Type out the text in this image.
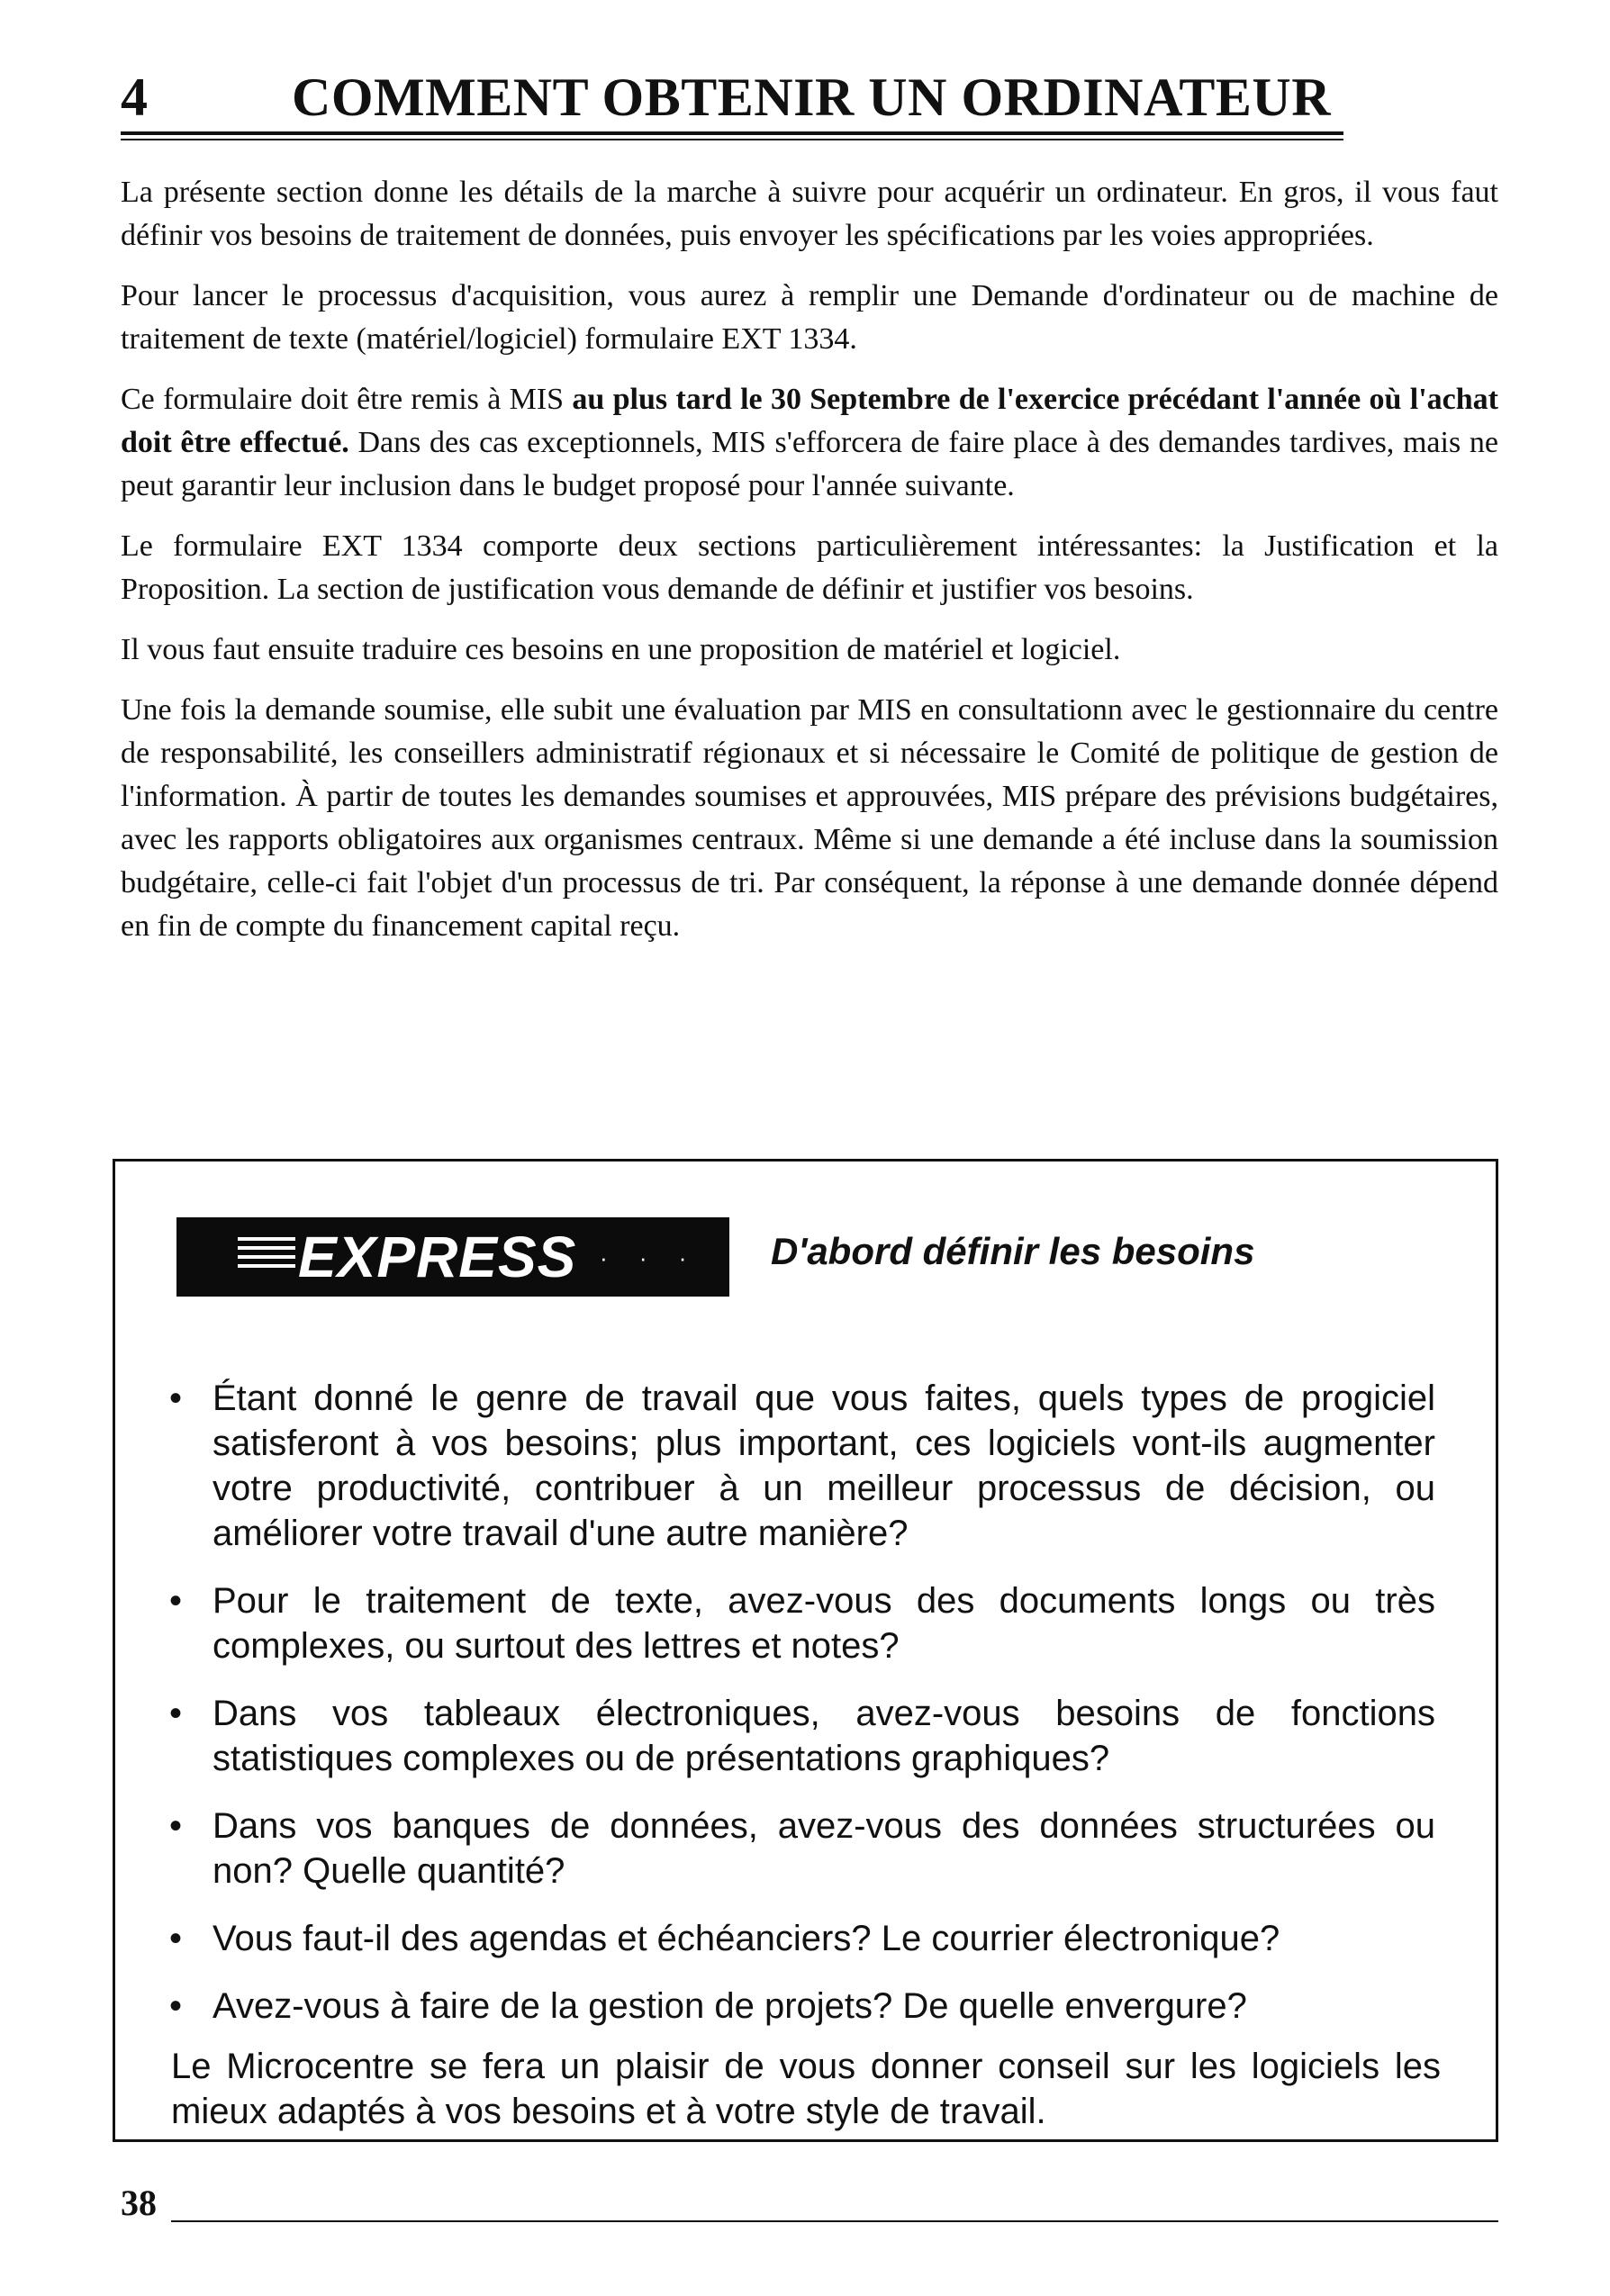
4	COMMENT OBTENIR UN ORDINATEUR

La présente section donne les détails de la marche à suivre pour acquérir un ordinateur. En gros, il vous faut définir vos besoins de traitement de données, puis envoyer les spécifications par les voies appropriées.

Pour lancer le processus d'acquisition, vous aurez à remplir une Demande d'ordinateur ou de machine de traitement de texte (matériel/logiciel) formulaire EXT 1334.

Ce formulaire doit être remis à MIS au plus tard le 30 Septembre de l'exercice précédant l'année où l'achat doit être effectué. Dans des cas exceptionnels, MIS s'efforcera de faire place à des demandes tardives, mais ne peut garantir leur inclusion dans le budget proposé pour l'année suivante.

Le formulaire EXT 1334 comporte deux sections particulièrement intéressantes: la Justification et la Proposition. La section de justification vous demande de définir et justifier vos besoins.

Il vous faut ensuite traduire ces besoins en une proposition de matériel et logiciel.

Une fois la demande soumise, elle subit une évaluation par MIS en consultationn avec le gestionnaire du centre de responsabilité, les conseillers administratif régionaux et si nécessaire le Comité de politique de gestion de l'information. À partir de toutes les demandes soumises et approuvées, MIS prépare des prévisions budgétaires, avec les rapports obligatoires aux organismes centraux. Même si une demande a été incluse dans la soumission budgétaire, celle-ci fait l'objet d'un processus de tri. Par conséquent, la réponse à une demande donnée dépend en fin de compte du financement capital reçu.

EXPRESS · · · D'abord définir les besoins
• Étant donné le genre de travail que vous faites, quels types de progiciel satisferont à vos besoins; plus important, ces logiciels vont-ils augmenter votre productivité, contribuer à un meilleur processus de décision, ou améliorer votre travail d'une autre manière?
• Pour le traitement de texte, avez-vous des documents longs ou très complexes, ou surtout des lettres et notes?
• Dans vos tableaux électroniques, avez-vous besoins de fonctions statistiques complexes ou de présentations graphiques?
• Dans vos banques de données, avez-vous des données structurées ou non? Quelle quantité?
• Vous faut-il des agendas et échéanciers? Le courrier électronique?
• Avez-vous à faire de la gestion de projets? De quelle envergure?
Le Microcentre se fera un plaisir de vous donner conseil sur les logiciels les mieux adaptés à vos besoins et à votre style de travail.
38
